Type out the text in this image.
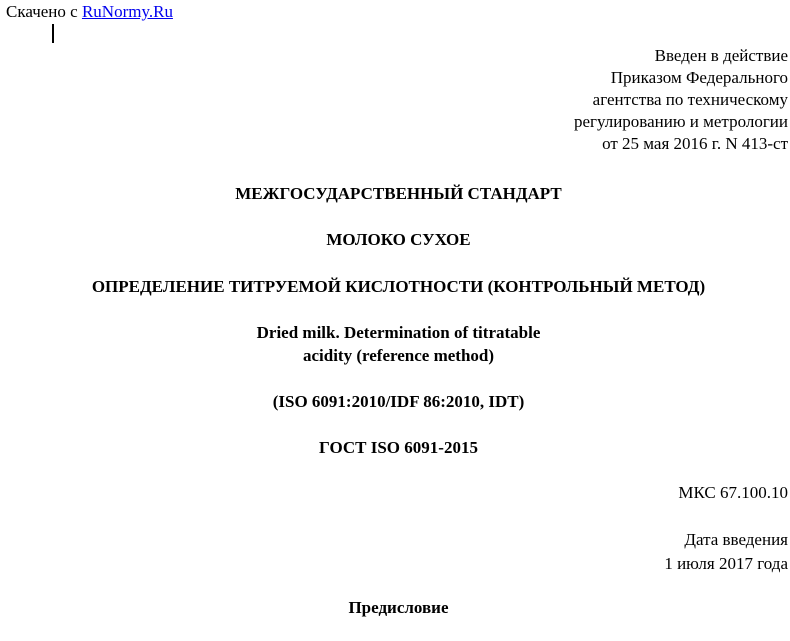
Скачено с RuNormy.Ru
Введен в действие
Приказом Федерального
агентства по техническому
регулированию и метрологии
от 25 мая 2016 г. N 413-ст
МЕЖГОСУДАРСТВЕННЫЙ СТАНДАРТ
МОЛОКО СУХОЕ
ОПРЕДЕЛЕНИЕ ТИТРУЕМОЙ КИСЛОТНОСТИ (КОНТРОЛЬНЫЙ МЕТОД)
Dried milk. Determination of titratable
acidity (reference method)
(ISO 6091:2010/IDF 86:2010, IDT)
ГОСТ ISO 6091-2015
МКС 67.100.10
Дата введения
1 июля 2017 года
Предисловие
